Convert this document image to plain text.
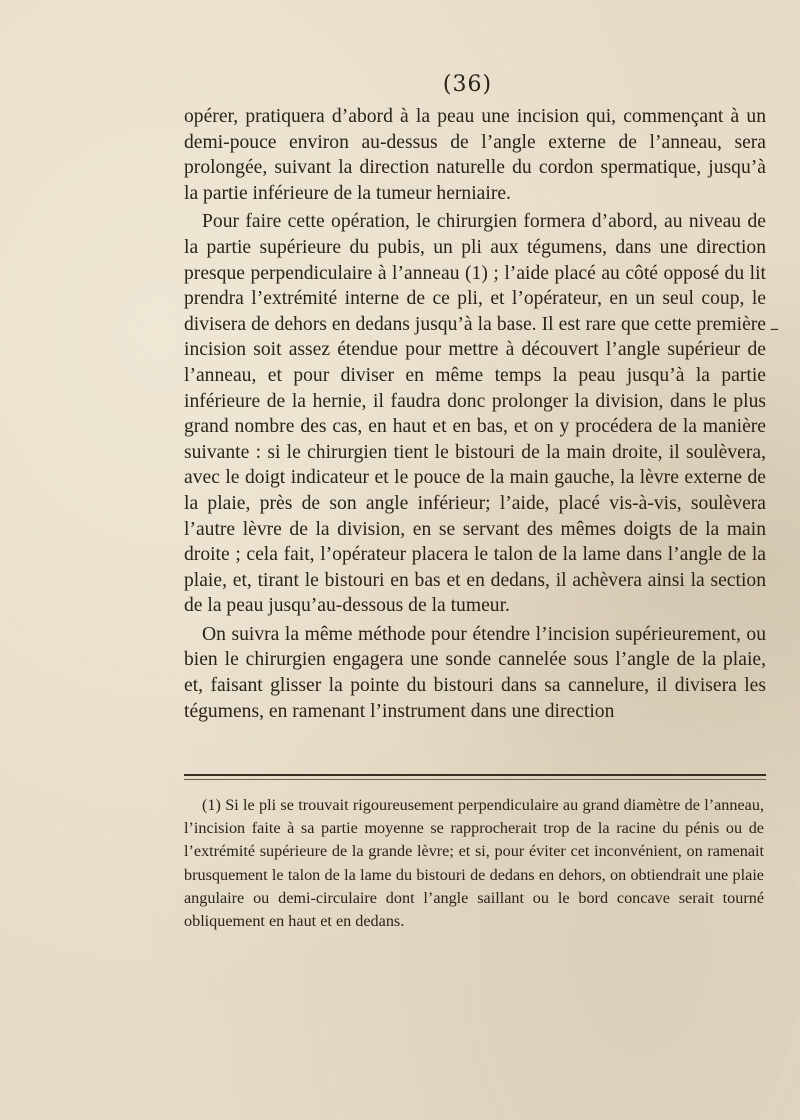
(36)

opérer, pratiquera d’abord à la peau une incision qui, commençant à un demi-pouce environ au-dessus de l’angle externe de l’anneau, sera prolongée, suivant la direction naturelle du cordon spermatique, jusqu’à la partie inférieure de la tumeur herniaire.

Pour faire cette opération, le chirurgien formera d’abord, au niveau de la partie supérieure du pubis, un pli aux tégumens, dans une direction presque perpendiculaire à l’anneau (1) ; l’aide placé au côté opposé du lit prendra l’extrémité interne de ce pli, et l’opérateur, en un seul coup, le divisera de dehors en dedans jusqu’à la base. Il est rare que cette première incision soit assez étendue pour mettre à découvert l’angle supérieur de l’anneau, et pour diviser en même temps la peau jusqu’à la partie inférieure de la hernie, il faudra donc prolonger la division, dans le plus grand nombre des cas, en haut et en bas, et on y procédera de la manière suivante : si le chirurgien tient le bistouri de la main droite, il soulèvera, avec le doigt indicateur et le pouce de la main gauche, la lèvre externe de la plaie, près de son angle inférieur; l’aide, placé vis-à-vis, soulèvera l’autre lèvre de la division, en se servant des mêmes doigts de la main droite ; cela fait, l’opérateur placera le talon de la lame dans l’angle de la plaie, et, tirant le bistouri en bas et en dedans, il achèvera ainsi la section de la peau jusqu’au-dessous de la tumeur.

On suivra la même méthode pour étendre l’incision supérieurement, ou bien le chirurgien engagera une sonde cannelée sous l’angle de la plaie, et, faisant glisser la pointe du bistouri dans sa cannelure, il divisera les tégumens, en ramenant l’instrument dans une direction

–

(1) Si le pli se trouvait rigoureusement perpendiculaire au grand diamètre de l’anneau, l’incision faite à sa partie moyenne se rapprocherait trop de la racine du pénis ou de l’extrémité supérieure de la grande lèvre; et si, pour éviter cet inconvénient, on ramenait brusquement le talon de la lame du bistouri de dedans en dehors, on obtiendrait une plaie angulaire ou demi-circulaire dont l’angle saillant ou le bord concave serait tourné obliquement en haut et en dedans.
